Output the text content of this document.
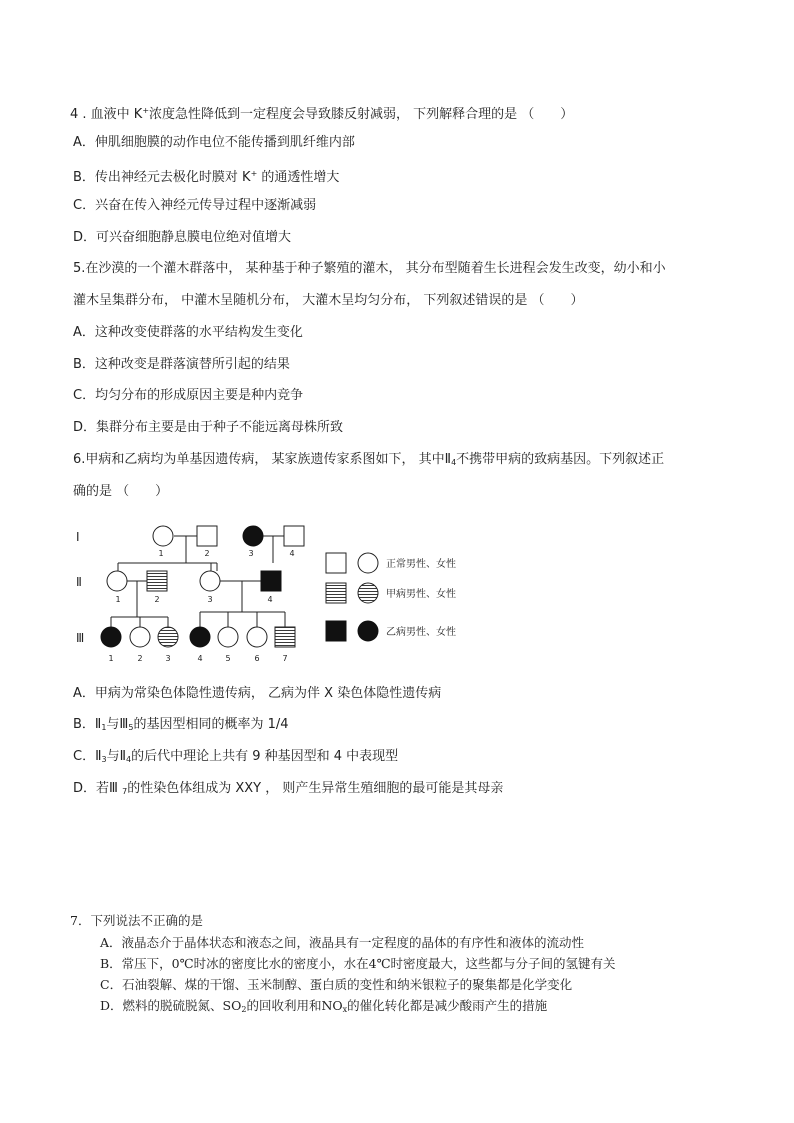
4 . 血液中 K+浓度急性降低到一定程度会导致膝反射减弱， 下列解释合理的是 （　　）
A．伸肌细胞膜的动作电位不能传播到肌纤维内部
B．传出神经元去极化时膜对 K+ 的通透性增大
C．兴奋在传入神经元传导过程中逐渐减弱
D．可兴奋细胞静息膜电位绝对值增大
5.在沙漠的一个灌木群落中， 某种基于种子繁殖的灌木， 其分布型随着生长进程会发生改变，幼小和小
灌木呈集群分布， 中灌木呈随机分布， 大灌木呈均匀分布， 下列叙述错误的是 （　　）
A．这种改变使群落的水平结构发生变化
B．这种改变是群落演替所引起的结果
C．均匀分布的形成原因主要是种内竞争
D．集群分布主要是由于种子不能远离母株所致
6.甲病和乙病均为单基因遗传病， 某家族遗传家系图如下， 其中$Ⅱ_4$不携带甲病的致病基因。下列叙述正
确的是 （　　）
Ⅰ
Ⅱ
Ⅲ
1	2	3	4
1	2	3	4
1	2	3	4	5	6	7
正常男性、女性
甲病男性、女性
乙病男性、女性
A．甲病为常染色体隐性遗传病， 乙病为伴 X 染色体隐性遗传病
B．$Ⅱ_1$与$Ⅲ_5$的基因型相同的概率为 1/4
C．$Ⅱ_3$与$Ⅱ_4$的后代中理论上共有 9 种基因型和 4 中表现型
D．若Ⅲ $_7$的性染色体组成为 XXY ， 则产生异常生殖细胞的最可能是其母亲
7．下列说法不正确的是
A．液晶态介于晶体状态和液态之间，液晶具有一定程度的晶体的有序性和液体的流动性
B．常压下，0℃时冰的密度比水的密度小，水在4℃时密度最大，这些都与分子间的氢键有关
C．石油裂解、煤的干馏、玉米制醇、蛋白质的变性和纳米银粒子的聚集都是化学变化
D．燃料的脱硫脱氮、$SO_2$的回收利用和$NO_x$的催化转化都是减少酸雨产生的措施
